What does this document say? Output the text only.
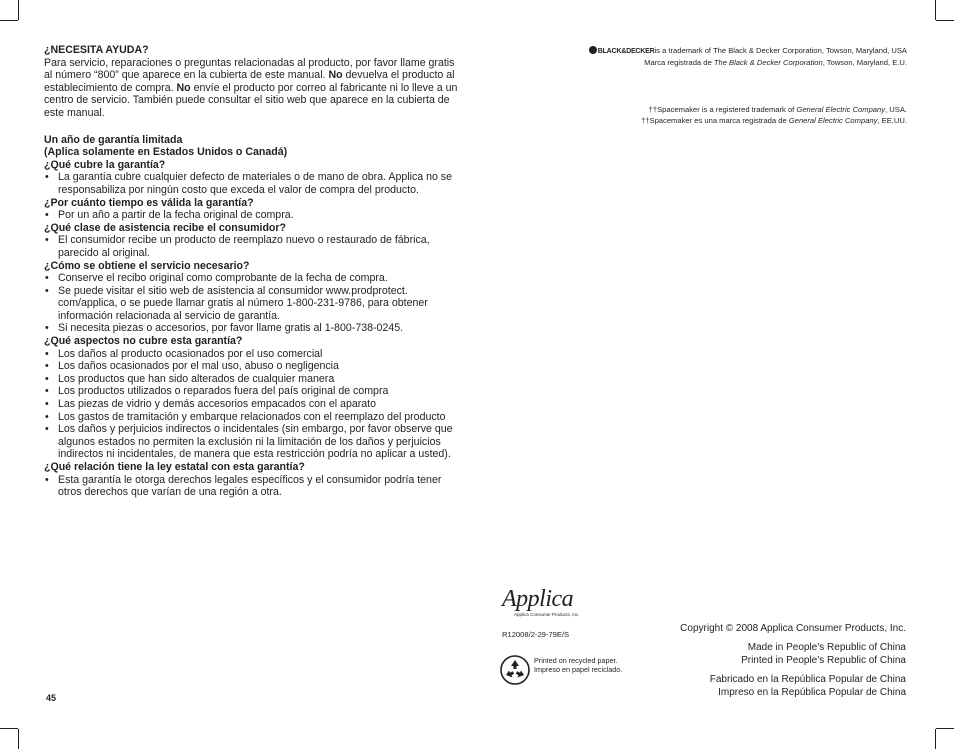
¿NECESITA AYUDA?

Para servicio, reparaciones o preguntas relacionadas al producto, por favor llame gratis al número “800” que aparece en la cubierta de este manual. No devuelva el producto al establecimiento de compra. No envíe el producto por correo al fabricante ni lo lleve a un centro de servicio. También puede consultar el sitio web que aparece en la cubierta de este manual.

Un año de garantía limitada

(Aplica solamente en Estados Unidos o Canadá)

¿Qué cubre la garantía?

• La garantía cubre cualquier defecto de materiales o de mano de obra. Applica no se responsabiliza por ningún costo que exceda el valor de compra del producto.

¿Por cuánto tiempo es válida la garantía?

• Por un año a partir de la fecha original de compra.

¿Qué clase de asistencia recibe el consumidor?

• El consumidor recibe un producto de reemplazo nuevo o restaurado de fábrica, parecido al original.

¿Cómo se obtiene el servicio necesario?

• Conserve el recibo original como comprobante de la fecha de compra.
• Se puede visitar el sitio web de asistencia al consumidor www.prodprotect. com/applica, o se puede llamar gratis al número 1-800-231-9786, para obtener información relacionada al servicio de garantía.
• Si necesita piezas o accesorios, por favor llame gratis al 1-800-738-0245.

¿Qué aspectos no cubre esta garantía?

• Los daños al producto ocasionados por el uso comercial
• Los daños ocasionados por el mal uso, abuso o negligencia
• Los productos que han sido alterados de cualquier manera
• Los productos utilizados o reparados fuera del país original de compra
• Las piezas de vidrio y demás accesorios empacados con el aparato
• Los gastos de tramitación y embarque relacionados con el reemplazo del producto
• Los daños y perjuicios indirectos o incidentales (sin embargo, por favor observe que algunos estados no permiten la exclusión ni la limitación de los daños y perjuicios indirectos ni incidentales, de manera que esta restricción podría no aplicar a usted).

¿Qué relación tiene la ley estatal con esta garantía?

• Esta garantía le otorga derechos legales específicos y el consumidor podría tener otros derechos que varían de una región a otra.
45
BLACK&DECKERis a trademark of The Black & Decker Corporation, Towson, Maryland, USA
Marca registrada de The Black & Decker Corporation, Towson, Maryland, E.U.
††Spacemaker is a registered trademark of General Electric Company, USA.
††Spacemaker es una marca registrada de General Electric Company, EE.UU.
Applica
Applica Consumer Products, Inc.
R12008/2-29-79E/S
Printed on recycled paper.
Impreso en papel reciclado.
Copyright © 2008 Applica Consumer Products, Inc.
Made in People’s Republic of China
Printed in People’s Republic of China
Fabricado en la República Popular de China
Impreso en la República Popular de China
